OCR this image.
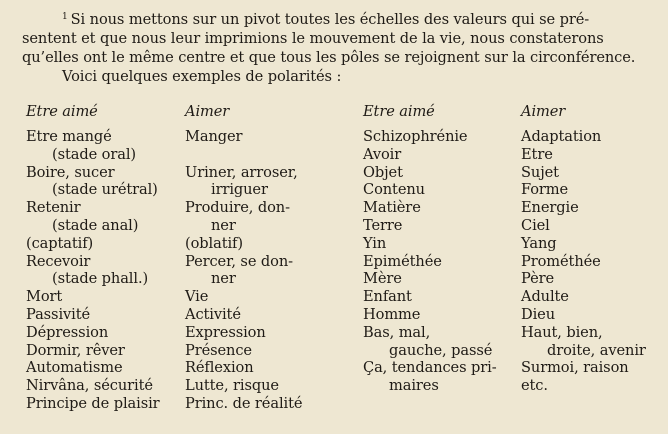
$^1$ Si nous mettons sur un pivot toutes les échelles des valeurs qui se pré-
sentent et que nous leur imprimions le mouvement de la vie, nous constaterons
qu’elles ont le même centre et que tous les pôles se rejoignent sur la circonférence.
Voici quelques exemples de polarités :
Etre aimé
Etre mangé
(stade oral)
Boire, sucer
(stade urétral)
Retenir
(stade anal)
(captatif)
Recevoir
(stade phall.)
Mort
Passivité
Dépression
Dormir, rêver
Automatisme
Nirvâna, sécurité
Principe de plaisir
Aimer
Manger
Uriner, arroser,
irriguer
Produire, don-
ner
(oblatif)
Percer, se don-
ner
Vie
Activité
Expression
Présence
Réflexion
Lutte, risque
Princ. de réalité
Etre aimé
Schizophrénie
Avoir
Objet
Contenu
Matière
Terre
Yin
Epiméthée
Mère
Enfant
Homme
Bas, mal,
gauche, passé
Ça, tendances pri-
maires
Aimer
Adaptation
Etre
Sujet
Forme
Energie
Ciel
Yang
Prométhée
Père
Adulte
Dieu
Haut, bien,
droite, avenir
Surmoi, raison
etc.
